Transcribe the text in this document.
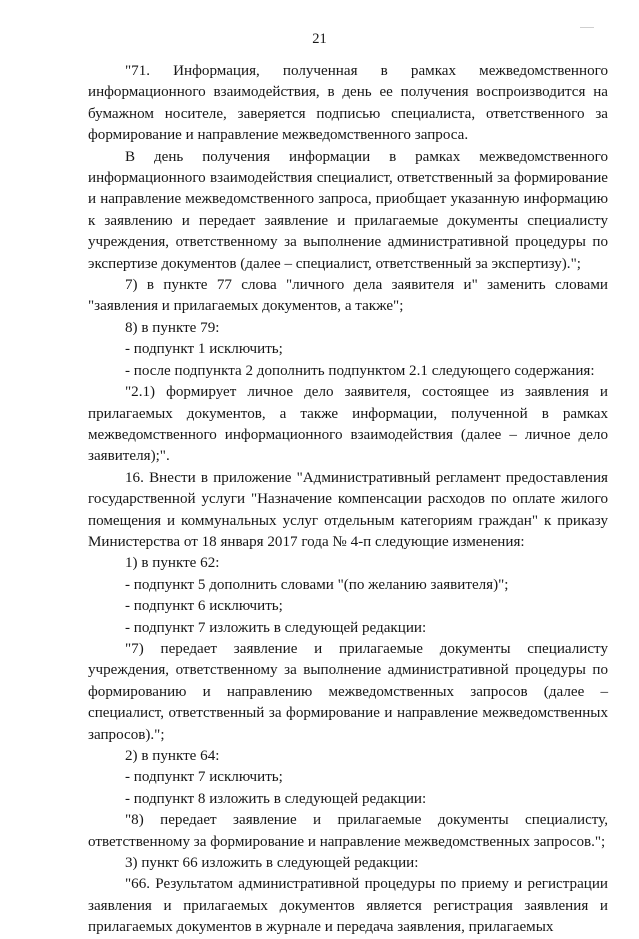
21

"71. Информация, полученная в рамках межведомственного информационного взаимодействия, в день ее получения воспроизводится на бумажном носителе, заверяется подписью специалиста, ответственного за формирование и направление межведомственного запроса.

В день получения информации в рамках межведомственного информационного взаимодействия специалист, ответственный за формирование и направление межведомственного запроса, приобщает указанную информацию к заявлению и передает заявление и прилагаемые документы специалисту учреждения, ответственному за выполнение административной процедуры по экспертизе документов (далее – специалист, ответственный за экспертизу).";

7) в пункте 77 слова "личного дела заявителя и" заменить словами "заявления и прилагаемых документов, а также";

8) в пункте 79:

- подпункт 1 исключить;

- после подпункта 2 дополнить подпунктом 2.1 следующего содержания:

"2.1) формирует личное дело заявителя, состоящее из заявления и прилагаемых документов, а также информации, полученной в рамках межведомственного информационного взаимодействия (далее – личное дело заявителя);".

16. Внести в приложение "Административный регламент предоставления государственной услуги "Назначение компенсации расходов по оплате жилого помещения и коммунальных услуг отдельным категориям граждан" к приказу Министерства от 18 января 2017 года № 4-п следующие изменения:

1) в пункте 62:

- подпункт 5 дополнить словами "(по желанию заявителя)";

- подпункт 6 исключить;

- подпункт 7 изложить в следующей редакции:

"7) передает заявление и прилагаемые документы специалисту учреждения, ответственному за выполнение административной процедуры по формированию и направлению межведомственных запросов (далее – специалист, ответственный за формирование и направление межведомственных запросов).";

2) в пункте 64:

- подпункт 7 исключить;

- подпункт 8 изложить в следующей редакции:

"8) передает заявление и прилагаемые документы специалисту, ответственному за формирование и направление межведомственных запросов.";

3) пункт 66 изложить в следующей редакции:

"66. Результатом административной процедуры по приему и регистрации заявления и прилагаемых документов является регистрация заявления и прилагаемых документов в журнале и передача заявления, прилагаемых
